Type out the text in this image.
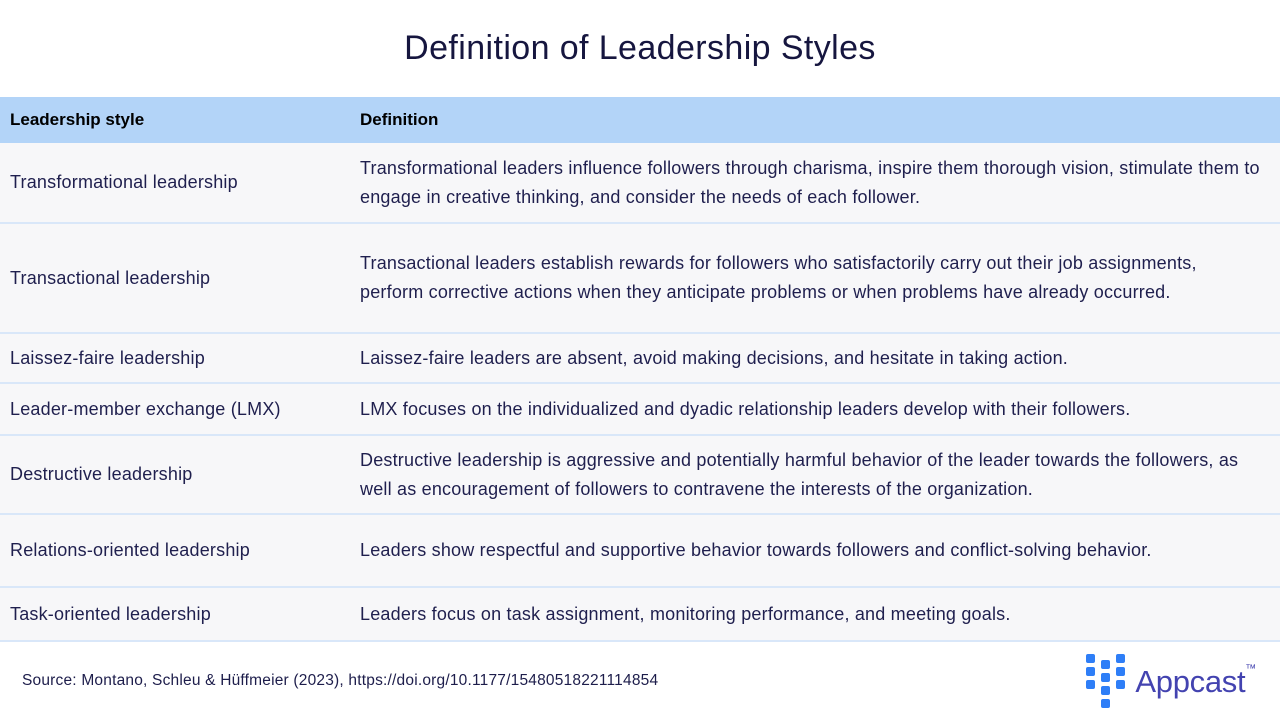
Definition of Leadership Styles
Leadership style	Definition
Transformational leadership	Transformational leaders influence followers through charisma, inspire them thorough vision, stimulate them to engage in creative thinking, and consider the needs of each follower.
Transactional leadership	Transactional leaders establish rewards for followers who satisfactorily carry out their job assignments, perform corrective actions when they anticipate problems or when problems have already occurred.
Laissez-faire leadership	Laissez-faire leaders are absent, avoid making decisions, and hesitate in taking action.
Leader-member exchange (LMX)	LMX focuses on the individualized and dyadic relationship leaders develop with their followers.
Destructive leadership	Destructive leadership is aggressive and potentially harmful behavior of the leader towards the followers, as well as encouragement of followers to contravene the interests of the organization.
Relations-oriented leadership	Leaders show respectful and supportive behavior towards followers and conflict-solving behavior.
Task-oriented leadership	Leaders focus on task assignment, monitoring performance, and meeting goals.
Source: Montano, Schleu & Hüffmeier (2023), https://doi.org/10.1177/15480518221114854	Appcast™
